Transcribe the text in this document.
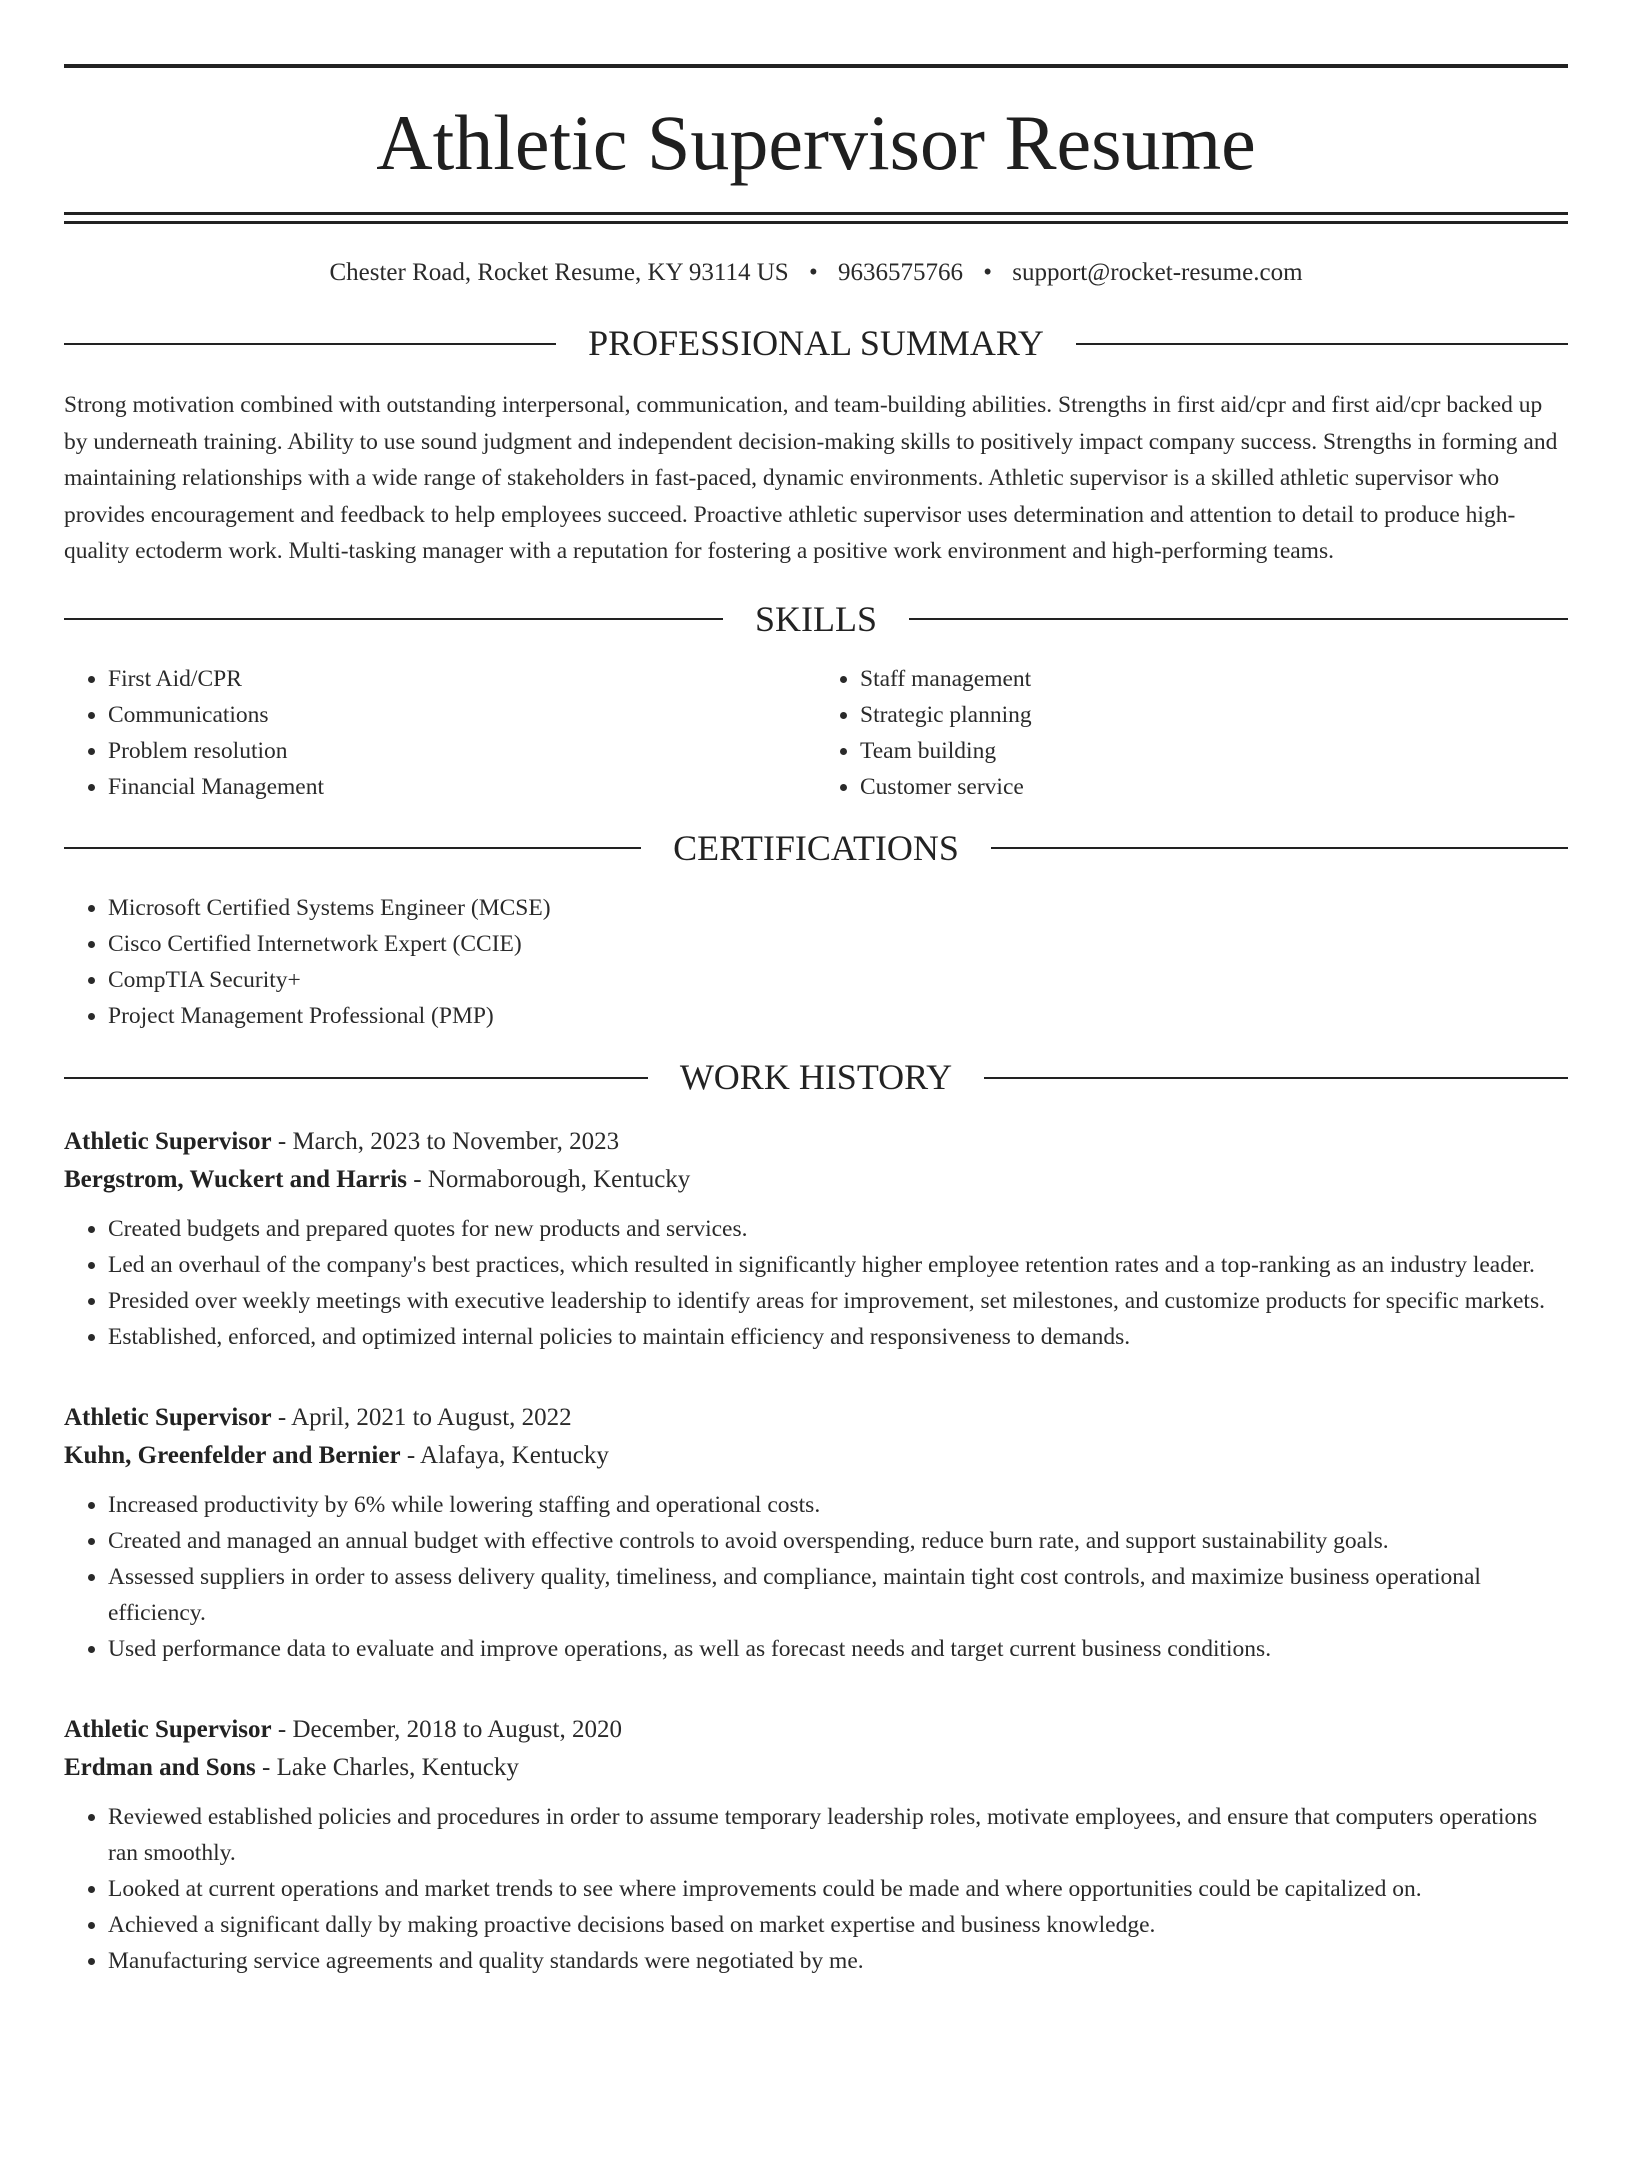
Athletic Supervisor Resume
Chester Road, Rocket Resume, KY 93114 US • 9636575766 • support@rocket-resume.com
PROFESSIONAL SUMMARY
Strong motivation combined with outstanding interpersonal, communication, and team-building abilities. Strengths in first aid/cpr and first aid/cpr backed up by underneath training. Ability to use sound judgment and independent decision-making skills to positively impact company success. Strengths in forming and maintaining relationships with a wide range of stakeholders in fast-paced, dynamic environments. Athletic supervisor is a skilled athletic supervisor who provides encouragement and feedback to help employees succeed. Proactive athletic supervisor uses determination and attention to detail to produce high-quality ectoderm work. Multi-tasking manager with a reputation for fostering a positive work environment and high-performing teams.
SKILLS
• First Aid/CPR
• Communications
• Problem resolution
• Financial Management
• Staff management
• Strategic planning
• Team building
• Customer service
CERTIFICATIONS
• Microsoft Certified Systems Engineer (MCSE)
• Cisco Certified Internetwork Expert (CCIE)
• CompTIA Security+
• Project Management Professional (PMP)
WORK HISTORY
Athletic Supervisor - March, 2023 to November, 2023
Bergstrom, Wuckert and Harris - Normaborough, Kentucky
• Created budgets and prepared quotes for new products and services.
• Led an overhaul of the company's best practices, which resulted in significantly higher employee retention rates and a top-ranking as an industry leader.
• Presided over weekly meetings with executive leadership to identify areas for improvement, set milestones, and customize products for specific markets.
• Established, enforced, and optimized internal policies to maintain efficiency and responsiveness to demands.
Athletic Supervisor - April, 2021 to August, 2022
Kuhn, Greenfelder and Bernier - Alafaya, Kentucky
• Increased productivity by 6% while lowering staffing and operational costs.
• Created and managed an annual budget with effective controls to avoid overspending, reduce burn rate, and support sustainability goals.
• Assessed suppliers in order to assess delivery quality, timeliness, and compliance, maintain tight cost controls, and maximize business operational efficiency.
• Used performance data to evaluate and improve operations, as well as forecast needs and target current business conditions.
Athletic Supervisor - December, 2018 to August, 2020
Erdman and Sons - Lake Charles, Kentucky
• Reviewed established policies and procedures in order to assume temporary leadership roles, motivate employees, and ensure that computers operations ran smoothly.
• Looked at current operations and market trends to see where improvements could be made and where opportunities could be capitalized on.
• Achieved a significant dally by making proactive decisions based on market expertise and business knowledge.
• Manufacturing service agreements and quality standards were negotiated by me.
